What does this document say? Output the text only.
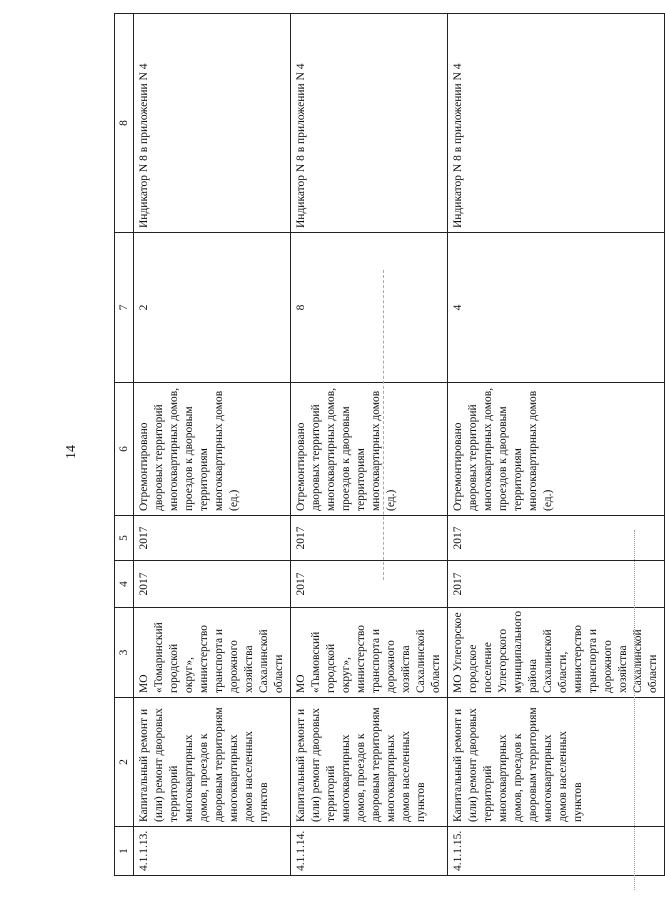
14
1	2	3	4	5	6	7	8
4.1.1.13.	Капитальный ремонт и (или) ремонт дворовых территорий многоквартирных домов, проездов к дворовым территориям многоквартирных домов населенных пунктов	МО «Томаринский городской округ», министерство транспорта и дорожного хозяйства Сахалинской области	2017	2017	Отремонтировано дворовых территорий многоквартирных домов, проездов к дворовым территориям многоквартирных домов (ед.)	2	Индикатор N 8 в приложении N 4
4.1.1.14.	Капитальный ремонт и (или) ремонт дворовых территорий многоквартирных домов, проездов к дворовым территориям многоквартирных домов населенных пунктов	МО «Тымовский городской округ», министерство транспорта и дорожного хозяйства Сахалинской области	2017	2017	Отремонтировано дворовых территорий многоквартирных домов, проездов к дворовым территориям многоквартирных домов (ед.)	8	Индикатор N 8 в приложении N 4
4.1.1.15.	Капитальный ремонт и (или) ремонт дворовых территорий многоквартирных домов, проездов к дворовым территориям многоквартирных домов населенных пунктов	МО Углегорское городское поселение Углегорского муниципального района Сахалинской области, министерство транспорта и дорожного хозяйства Сахалинской области	2017	2017	Отремонтировано дворовых территорий многоквартирных домов, проездов к дворовым территориям многоквартирных домов (ед.)	4	Индикатор N 8 в приложении N 4
